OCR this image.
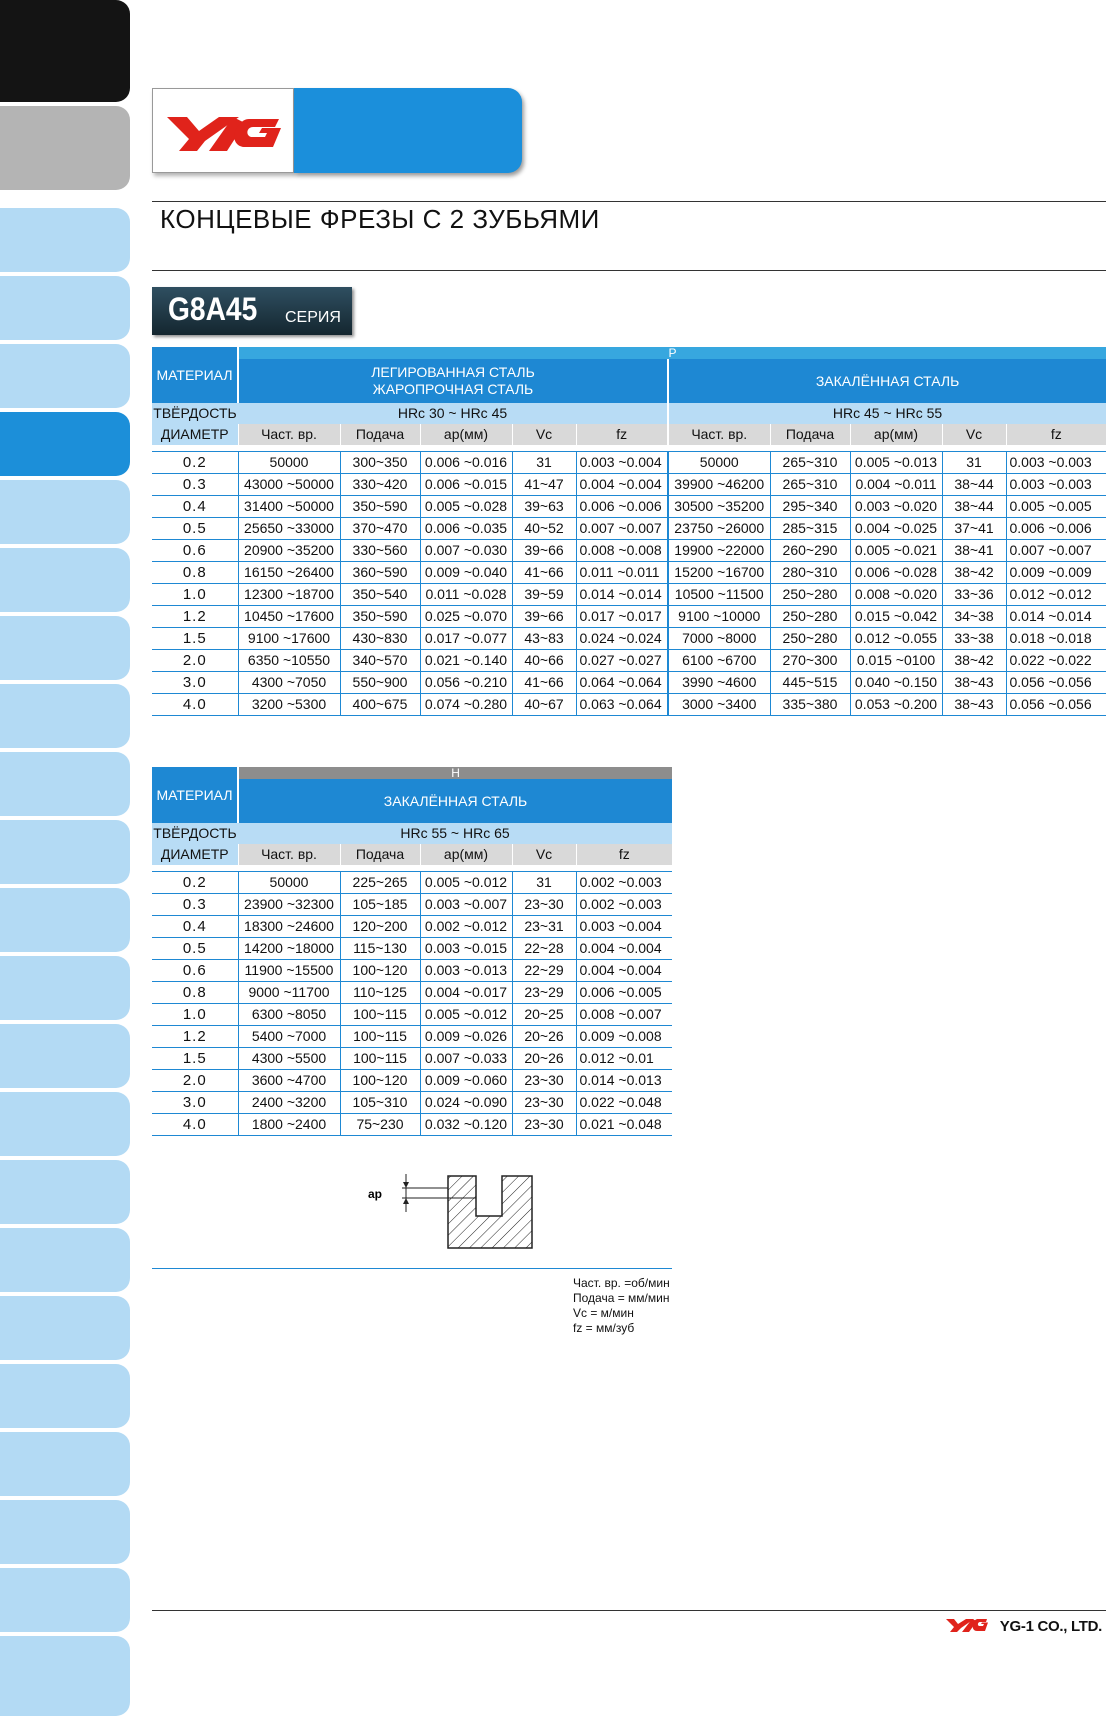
КОНЦЕВЫЕ ФРЕЗЫ С 2 ЗУБЬЯМИ
G8A45 СЕРИЯ
МАТЕРИАЛ	P									

	ЛЕГИРОВАННАЯ СТАЛЬ
ЖАРОПРОЧНАЯ СТАЛЬ					ЗАКАЛЁННАЯ СТАЛЬ				
ТВЁРДОСТЬ	HRc 30 ~ HRc 45					HRc 45 ~ HRc 55				
ДИАМЕТР	Част. вр.	Подача	ap(мм)	Vc	fz	Част. вр.	Подача	ap(мм)	Vc	fz

0.2	50000	300~350	0.006 ~0.016	31	0.003 ~0.004	50000	265~310	0.005 ~0.013	31	0.003 ~0.003
0.3	43000 ~50000	330~420	0.006 ~0.015	41~47	0.004 ~0.004	39900 ~46200	265~310	0.004 ~0.011	38~44	0.003 ~0.003
0.4	31400 ~50000	350~590	0.005 ~0.028	39~63	0.006 ~0.006	30500 ~35200	295~340	0.003 ~0.020	38~44	0.005 ~0.005
0.5	25650 ~33000	370~470	0.006 ~0.035	40~52	0.007 ~0.007	23750 ~26000	285~315	0.004 ~0.025	37~41	0.006 ~0.006
0.6	20900 ~35200	330~560	0.007 ~0.030	39~66	0.008 ~0.008	19900 ~22000	260~290	0.005 ~0.021	38~41	0.007 ~0.007
0.8	16150 ~26400	360~590	0.009 ~0.040	41~66	0.011 ~0.011	15200 ~16700	280~310	0.006 ~0.028	38~42	0.009 ~0.009
1.0	12300 ~18700	350~540	0.011 ~0.028	39~59	0.014 ~0.014	10500 ~11500	250~280	0.008 ~0.020	33~36	0.012 ~0.012
1.2	10450 ~17600	350~590	0.025 ~0.070	39~66	0.017 ~0.017	9100 ~10000	250~280	0.015 ~0.042	34~38	0.014 ~0.014
1.5	9100 ~17600	430~830	0.017 ~0.077	43~83	0.024 ~0.024	7000 ~8000	250~280	0.012 ~0.055	33~38	0.018 ~0.018
2.0	6350 ~10550	340~570	0.021 ~0.140	40~66	0.027 ~0.027	6100 ~6700	270~300	0.015 ~0100	38~42	0.022 ~0.022
3.0	4300 ~7050	550~900	0.056 ~0.210	41~66	0.064 ~0.064	3990 ~4600	445~515	0.040 ~0.150	38~43	0.056 ~0.056
4.0	3200 ~5300	400~675	0.074 ~0.280	40~67	0.063 ~0.064	3000 ~3400	335~380	0.053 ~0.200	38~43	0.056 ~0.056
МАТЕРИАЛ	H				
	ЗАКАЛЁННАЯ СТАЛЬ				
ТВЁРДОСТЬ	HRc 55 ~ HRc 65				
ДИАМЕТР	Част. вр.	Подача	ap(мм)	Vc	fz

0.2	50000	225~265	0.005 ~0.012	31	0.002 ~0.003
0.3	23900 ~32300	105~185	0.003 ~0.007	23~30	0.002 ~0.003
0.4	18300 ~24600	120~200	0.002 ~0.012	23~31	0.003 ~0.004
0.5	14200 ~18000	115~130	0.003 ~0.015	22~28	0.004 ~0.004
0.6	11900 ~15500	100~120	0.003 ~0.013	22~29	0.004 ~0.004
0.8	9000 ~11700	110~125	0.004 ~0.017	23~29	0.006 ~0.005
1.0	6300 ~8050	100~115	0.005 ~0.012	20~25	0.008 ~0.007
1.2	5400 ~7000	100~115	0.009 ~0.026	20~26	0.009 ~0.008
1.5	4300 ~5500	100~115	0.007 ~0.033	20~26	0.012 ~0.01
2.0	3600 ~4700	100~120	0.009 ~0.060	23~30	0.014 ~0.013
3.0	2400 ~3200	105~310	0.024 ~0.090	23~30	0.022 ~0.048
4.0	1800 ~2400	75~230	0.032 ~0.120	23~30	0.021 ~0.048
ap
Част. вр. =об/мин
Подача = мм/мин
Vc = м/мин
fz = мм/зуб
YG-1 CO., LTD.
